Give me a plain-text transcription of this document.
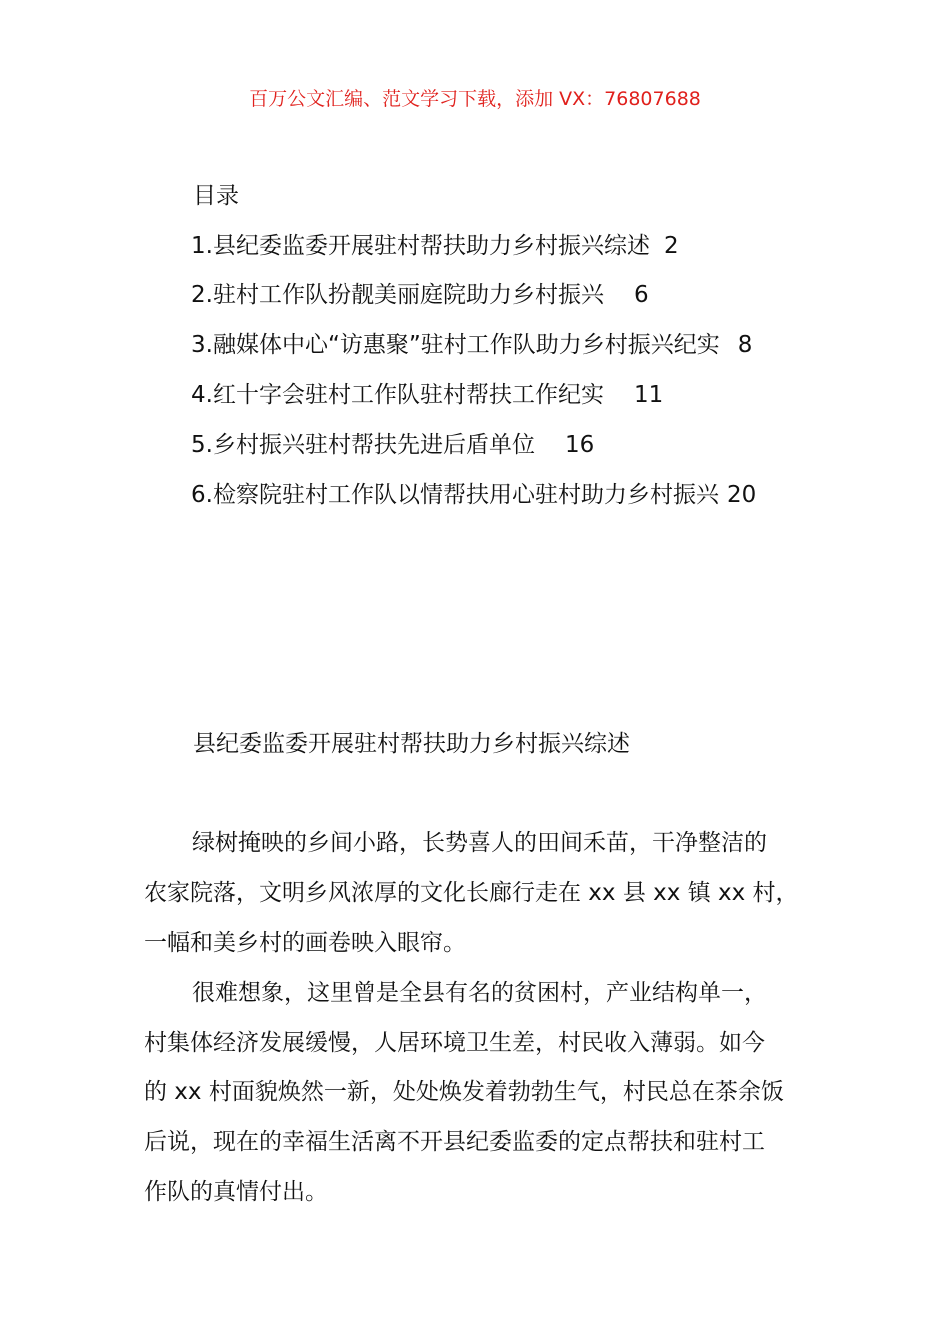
百万公文汇编、范文学习下载，添加 VX：76807688
目录
1.县纪委监委开展驻村帮扶助力乡村振兴综述 2
2.驻村工作队扮靓美丽庭院助力乡村振兴 6
3.融媒体中心“访惠聚”驻村工作队助力乡村振兴纪实 8
4.红十字会驻村工作队驻村帮扶工作纪实 11
5.乡村振兴驻村帮扶先进后盾单位 16
6.检察院驻村工作队以情帮扶用心驻村助力乡村振兴 20
县纪委监委开展驻村帮扶助力乡村振兴综述
绿树掩映的乡间小路，长势喜人的田间禾苗，干净整洁的
农家院落，文明乡风浓厚的文化长廊行走在 xx 县 xx 镇 xx 村，
一幅和美乡村的画卷映入眼帘。
很难想象，这里曾是全县有名的贫困村，产业结构单一，
村集体经济发展缓慢，人居环境卫生差，村民收入薄弱。如今
的 xx 村面貌焕然一新，处处焕发着勃勃生气，村民总在茶余饭
后说，现在的幸福生活离不开县纪委监委的定点帮扶和驻村工
作队的真情付出。
